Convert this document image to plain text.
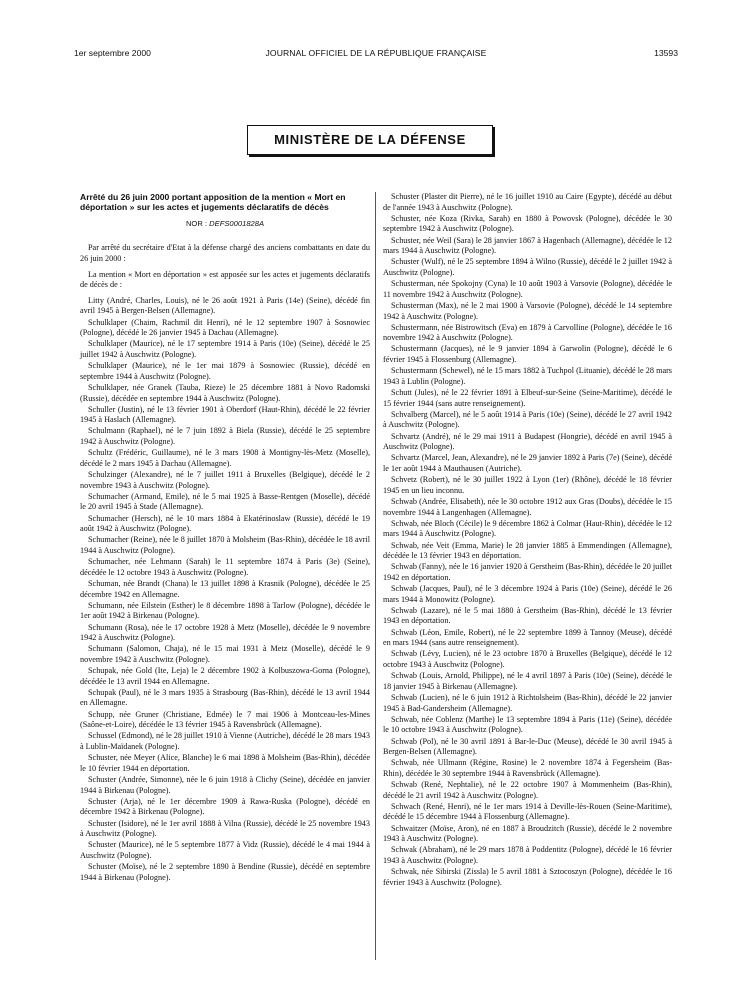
1er septembre 2000	JOURNAL OFFICIEL DE LA RÉPUBLIQUE FRANÇAISE	13593
MINISTÈRE DE LA DÉFENSE
Arrêté du 26 juin 2000 portant apposition de la mention « Mort en déportation » sur les actes et jugements déclaratifs de décès
NOR : DEFS0001828A
Par arrêté du secrétaire d'Etat à la défense chargé des anciens combattants en date du 26 juin 2000 :
La mention « Mort en déportation » est apposée sur les actes et jugements déclaratifs de décès de :
Litty (André, Charles, Louis), né le 26 août 1921 à Paris (14e) (Seine), décédé fin avril 1945 à Bergen-Belsen (Allemagne).
Schulklaper (Chaim, Rachmil dit Henri), né le 12 septembre 1907 à Sosnowiec (Pologne), décédé le 26 janvier 1945 à Dachau (Allemagne).
Schulklaper (Maurice), né le 17 septembre 1914 à Paris (10e) (Seine), décédé le 25 juillet 1942 à Auschwitz (Pologne).
Schulklaper (Maurice), né le 1er mai 1879 à Sosnowiec (Russie), décédé en septembre 1944 à Auschwitz (Pologne).
Schulklaper, née Granek (Tauba, Rieze) le 25 décembre 1881 à Novo Radomski (Russie), décédée en septembre 1944 à Auschwitz (Pologne).
Schuller (Justin), né le 13 février 1901 à Oberdorf (Haut-Rhin), décédé le 22 février 1945 à Haslach (Allemagne).
Schulmann (Raphael), né le 7 juin 1892 à Biela (Russie), décédé le 25 septembre 1942 à Auschwitz (Pologne).
Schultz (Frédéric, Guillaume), né le 3 mars 1908 à Montigny-lès-Metz (Moselle), décédé le 2 mars 1945 à Dachau (Allemagne).
Schulzinger (Alexandre), né le 7 juillet 1911 à Bruxelles (Belgique), décédé le 2 novembre 1943 à Auschwitz (Pologne).
Schumacher (Armand, Emile), né le 5 mai 1925 à Basse-Rentgen (Moselle), décédé le 20 avril 1945 à Stade (Allemagne).
Schumacher (Hersch), né le 10 mars 1884 à Ekatérinoslaw (Russie), décédé le 19 août 1942 à Auschwitz (Pologne).
Schumacher (Reine), née le 8 juillet 1870 à Molsheim (Bas-Rhin), décédée le 18 avril 1944 à Auschwitz (Pologne).
Schumacher, née Lehmann (Sarah) le 11 septembre 1874 à Paris (3e) (Seine), décédée le 12 octobre 1943 à Auschwitz (Pologne).
Schuman, née Brandt (Chana) le 13 juillet 1898 à Krasnik (Pologne), décédée le 25 décembre 1942 en Allemagne.
Schumann, née Eilstein (Esther) le 8 décembre 1898 à Tarlow (Pologne), décédée le 1er août 1942 à Birkenau (Pologne).
Schumann (Rosa), née le 17 octobre 1928 à Metz (Moselle), décédée le 9 novembre 1942 à Auschwitz (Pologne).
Schumann (Salomon, Chaja), né le 15 mai 1931 à Metz (Moselle), décédé le 9 novembre 1942 à Auschwitz (Pologne).
Schupak, née Gold (Ite, Leja) le 2 décembre 1902 à Kolbuszowa-Gorna (Pologne), décédée le 13 avril 1944 en Allemagne.
Schupak (Paul), né le 3 mars 1935 à Strasbourg (Bas-Rhin), décédé le 13 avril 1944 en Allemagne.
Schupp, née Gruner (Christiane, Edmée) le 7 mai 1906 à Montceau-les-Mines (Saône-et-Loire), décédée le 13 février 1945 à Ravensbrück (Allemagne).
Schussel (Edmond), né le 28 juillet 1910 à Vienne (Autriche), décédé le 28 mars 1943 à Lublin-Maïdanek (Pologne).
Schuster, née Meyer (Alice, Blanche) le 6 mai 1898 à Molsheim (Bas-Rhin), décédée le 10 février 1944 en déportation.
Schuster (Andrée, Simonne), née le 6 juin 1918 à Clichy (Seine), décédée en janvier 1944 à Birkenau (Pologne).
Schuster (Arja), né le 1er décembre 1909 à Rawa-Ruska (Pologne), décédé en décembre 1942 à Birkenau (Pologne).
Schuster (Isidore), né le 1er avril 1888 à Vilna (Russie), décédé le 25 novembre 1943 à Auschwitz (Pologne).
Schuster (Maurice), né le 5 septembre 1877 à Vidz (Russie), décédé le 4 mai 1944 à Auschwitz (Pologne).
Schuster (Moïse), né le 2 septembre 1890 à Bendine (Russie), décédé en septembre 1944 à Birkenau (Pologne).
Schuster (Plaster dit Pierre), né le 16 juillet 1910 au Caire (Egypte), décédé au début de l'année 1943 à Auschwitz (Pologne).
Schuster, née Koza (Rivka, Sarah) en 1880 à Powovsk (Pologne), décédée le 30 septembre 1942 à Auschwitz (Pologne).
Schuster, née Weil (Sara) le 28 janvier 1867 à Hagenbach (Allemagne), décédée le 12 mars 1944 à Auschwitz (Pologne).
Schuster (Wulf), né le 25 septembre 1894 à Wilno (Russie), décédé le 2 juillet 1942 à Auschwitz (Pologne).
Schusterman, née Spokojny (Cyna) le 10 août 1903 à Varsovie (Pologne), décédée le 11 novembre 1942 à Auschwitz (Pologne).
Schusterman (Max), né le 2 mai 1900 à Varsovie (Pologne), décédé le 14 septembre 1942 à Auschwitz (Pologne).
Schustermann, née Bistrowitsch (Eva) en 1879 à Carvolline (Pologne), décédée le 16 novembre 1942 à Auschwitz (Pologne).
Schustermann (Jacques), né le 9 janvier 1894 à Garwolin (Pologne), décédé le 6 février 1945 à Flossenburg (Allemagne).
Schustermann (Schewel), né le 15 mars 1882 à Tuchpol (Lituanie), décédé le 28 mars 1943 à Lublin (Pologne).
Schutt (Jules), né le 22 février 1891 à Elbeuf-sur-Seine (Seine-Maritime), décédé le 15 février 1944 (sans autre renseignement).
Schvalberg (Marcel), né le 5 août 1914 à Paris (10e) (Seine), décédé le 27 avril 1942 à Auschwitz (Pologne).
Schvartz (André), né le 29 mai 1911 à Budapest (Hongrie), décédé en avril 1945 à Auschwitz (Pologne).
Schvartz (Marcel, Jean, Alexandre), né le 29 janvier 1892 à Paris (7e) (Seine), décédé le 1er août 1944 à Mauthausen (Autriche).
Schvetz (Robert), né le 30 juillet 1922 à Lyon (1er) (Rhône), décédé le 18 février 1945 en un lieu inconnu.
Schwab (Andrée, Elisabeth), née le 30 octobre 1912 aux Gras (Doubs), décédée le 15 novembre 1944 à Langenhagen (Allemagne).
Schwab, née Bloch (Cécile) le 9 décembre 1862 à Colmar (Haut-Rhin), décédée le 12 mars 1944 à Auschwitz (Pologne).
Schwab, née Veit (Emma, Marie) le 28 janvier 1885 à Emmendingen (Allemagne), décédée le 13 février 1943 en déportation.
Schwab (Fanny), née le 16 janvier 1920 à Gerstheim (Bas-Rhin), décédée le 20 juillet 1942 en déportation.
Schwab (Jacques, Paul), né le 3 décembre 1924 à Paris (10e) (Seine), décédé le 26 mars 1944 à Monowitz (Pologne).
Schwab (Lazare), né le 5 mai 1880 à Gerstheim (Bas-Rhin), décédé le 13 février 1943 en déportation.
Schwab (Léon, Emile, Robert), né le 22 septembre 1899 à Tannoy (Meuse), décédé en mars 1944 (sans autre renseignement).
Schwab (Lévy, Lucien), né le 23 octobre 1870 à Bruxelles (Belgique), décédé le 12 octobre 1943 à Auschwitz (Pologne).
Schwab (Louis, Arnold, Philippe), né le 4 avril 1897 à Paris (10e) (Seine), décédé le 18 janvier 1945 à Birkenau (Allemagne).
Schwab (Lucien), né le 6 juin 1912 à Richtolsheim (Bas-Rhin), décédé le 22 janvier 1945 à Bad-Gandersheim (Allemagne).
Schwab, née Coblenz (Marthe) le 13 septembre 1894 à Paris (11e) (Seine), décédée le 10 octobre 1943 à Auschwitz (Pologne).
Schwab (Pol), né le 30 avril 1891 à Bar-le-Duc (Meuse), décédé le 30 avril 1945 à Bergen-Belsen (Allemagne).
Schwab, née Ullmann (Régine, Rosine) le 2 novembre 1874 à Fegersheim (Bas-Rhin), décédée le 30 septembre 1944 à Ravensbrück (Allemagne).
Schwab (René, Nephtalie), né le 22 octobre 1907 à Mommenheim (Bas-Rhin), décédé le 21 avril 1942 à Auschwitz (Pologne).
Schwach (René, Henri), né le 1er mars 1914 à Deville-lès-Rouen (Seine-Maritime), décédé le 15 décembre 1944 à Flossenburg (Allemagne).
Schwaitzer (Moïse, Aron), né en 1887 à Broudzitch (Russie), décédé le 2 novembre 1943 à Auschwitz (Pologne).
Schwak (Abraham), né le 29 mars 1878 à Poddentitz (Pologne), décédé le 16 février 1943 à Auschwitz (Pologne).
Schwak, née Sibirski (Zissla) le 5 avril 1881 à Sztocoszyn (Pologne), décédée le 16 février 1943 à Auschwitz (Pologne).
